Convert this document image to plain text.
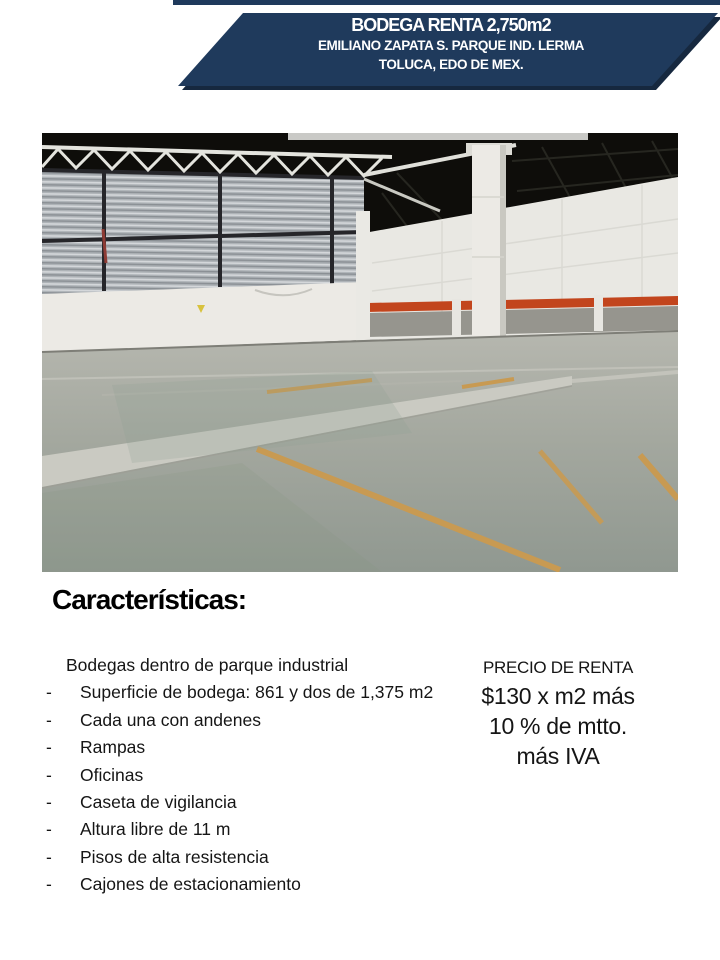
BODEGA RENTA 2,750m2
EMILIANO ZAPATA S. PARQUE IND. LERMA
TOLUCA, EDO DE MEX.
Características:
Bodegas dentro de parque industrial
-	Superficie de bodega: 861 y dos de 1,375 m2
-	Cada una con andenes
-	Rampas
-	Oficinas
-	Caseta de vigilancia
-	Altura libre de 11 m
-	Pisos de alta resistencia
-	Cajones de estacionamiento
PRECIO DE RENTA
$130 x m2 más
10 % de mtto.
más IVA
